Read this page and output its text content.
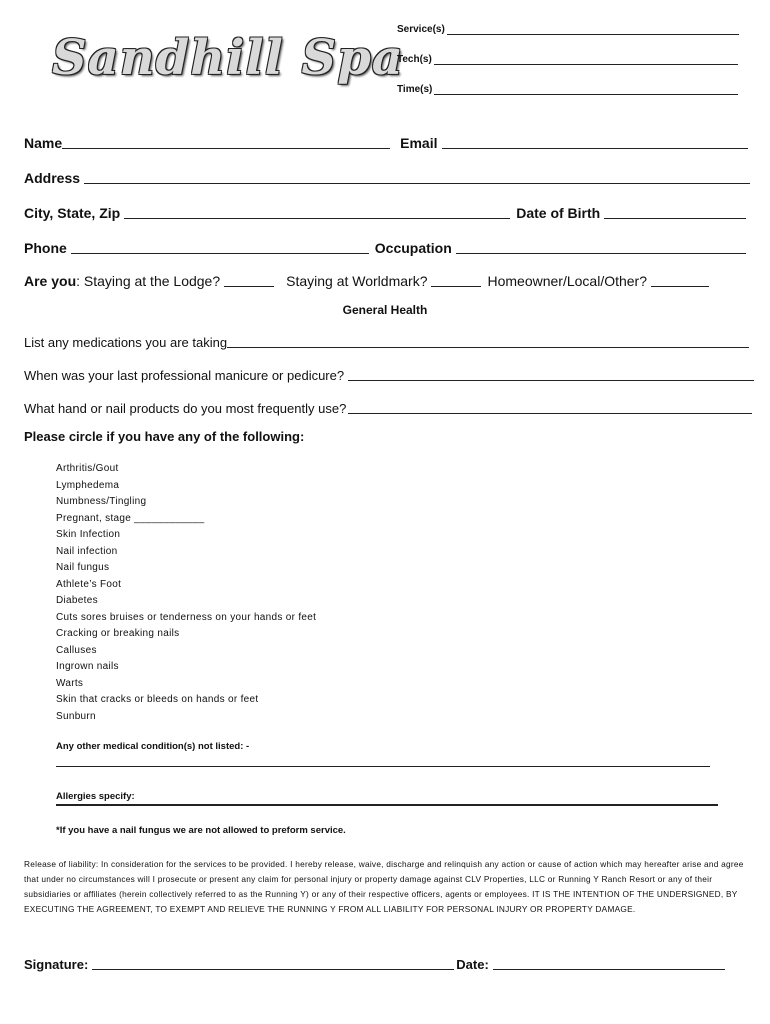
Sandhill Spa
Service(s)
Tech(s)
Time(s)
Name	Email
Address
City, State, Zip	Date of Birth
Phone	Occupation
Are you : Staying at the Lodge?	Staying at Worldmark?	Homeowner/Local/Other?
General Health
List any medications you are taking
When was your last professional manicure or pedicure?
What hand or nail products do you most frequently use?
Please circle if you have any of the following:
Arthritis/Gout
Lymphedema
Numbness/Tingling
Pregnant, stage ____________
Skin Infection
Nail infection
Nail fungus
Athlete’s Foot
Diabetes
Cuts sores bruises or tenderness on your hands or feet
Cracking or breaking nails
Calluses
Ingrown nails
Warts
Skin that cracks or bleeds on hands or feet
Sunburn
Any other medical condition(s) not listed: -
Allergies specify:
*If you have a nail fungus we are not allowed to preform service.
Release of liability: In consideration for the services to be provided. I hereby release, waive, discharge and relinquish any action or cause of action which may hereafter arise and agree that under no circumstances will I prosecute or present any claim for personal injury or property damage against CLV Properties, LLC or Running Y Ranch Resort or any of their subsidiaries or affiliates (herein collectively referred to as the Running Y) or any of their respective officers, agents or employees. IT IS THE INTENTION OF THE UNDERSIGNED, BY EXECUTING THE AGREEMENT, TO EXEMPT AND RELIEVE THE RUNNING Y FROM ALL LIABILITY FOR PERSONAL INJURY OR PROPERTY DAMAGE.
Signature:	Date:
